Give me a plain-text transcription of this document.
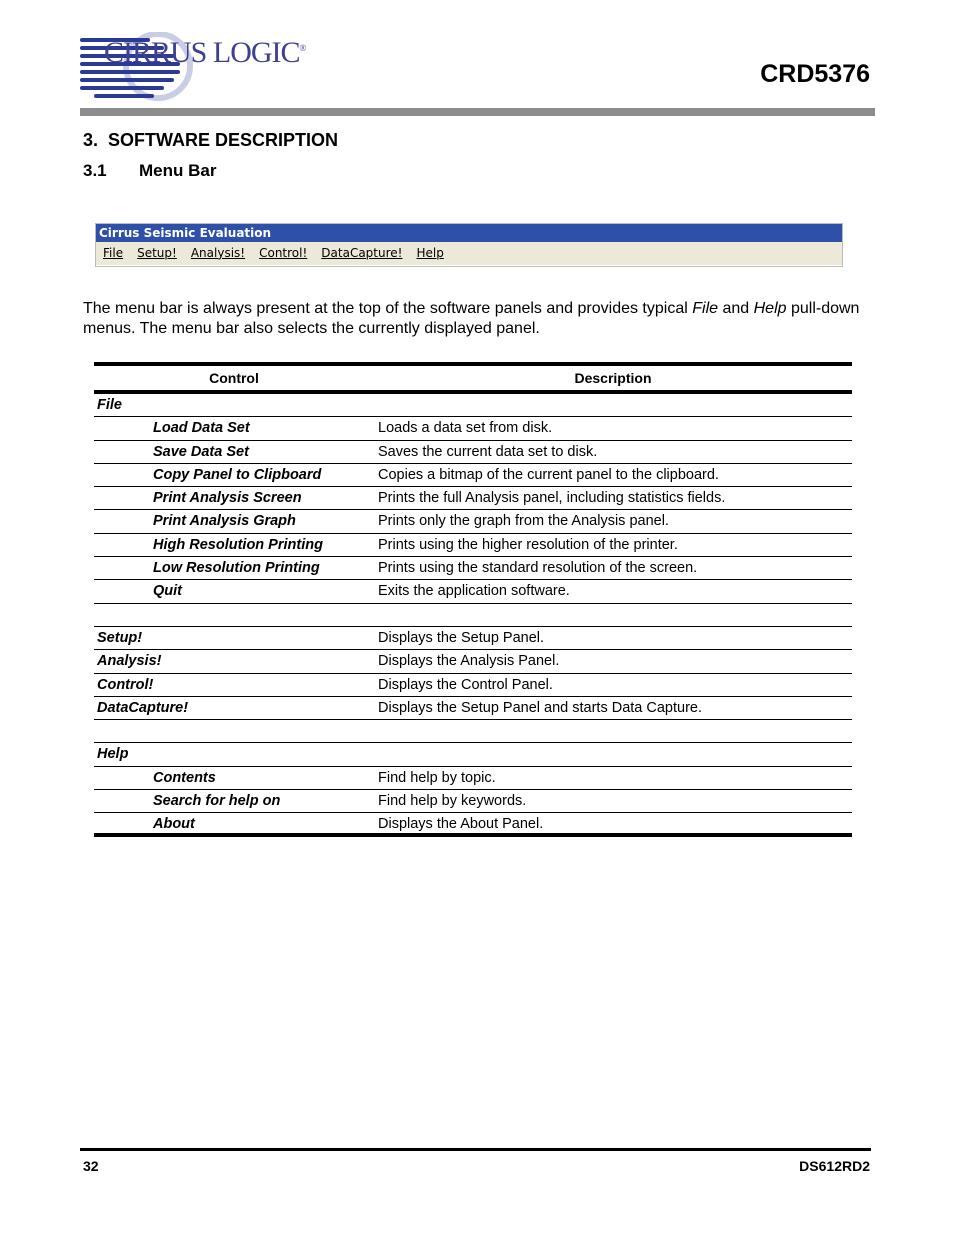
CIRRUS LOGIC®
CRD5376
3. SOFTWARE DESCRIPTION
3.1 Menu Bar
Cirrus Seismic Evaluation
File Setup! Analysis! Control! DataCapture! Help
The menu bar is always present at the top of the software panels and provides typical File and Help pull-down menus. The menu bar also selects the currently displayed panel.
Control	Description
File
Load Data Set	Loads a data set from disk.
Save Data Set	Saves the current data set to disk.
Copy Panel to Clipboard	Copies a bitmap of the current panel to the clipboard.
Print Analysis Screen	Prints the full Analysis panel, including statistics fields.
Print Analysis Graph	Prints only the graph from the Analysis panel.
High Resolution Printing	Prints using the higher resolution of the printer.
Low Resolution Printing	Prints using the standard resolution of the screen.
Quit	Exits the application software.
Setup!	Displays the Setup Panel.
Analysis!	Displays the Analysis Panel.
Control!	Displays the Control Panel.
DataCapture!	Displays the Setup Panel and starts Data Capture.
Help
Contents	Find help by topic.
Search for help on	Find help by keywords.
About	Displays the About Panel.
32	DS612RD2
